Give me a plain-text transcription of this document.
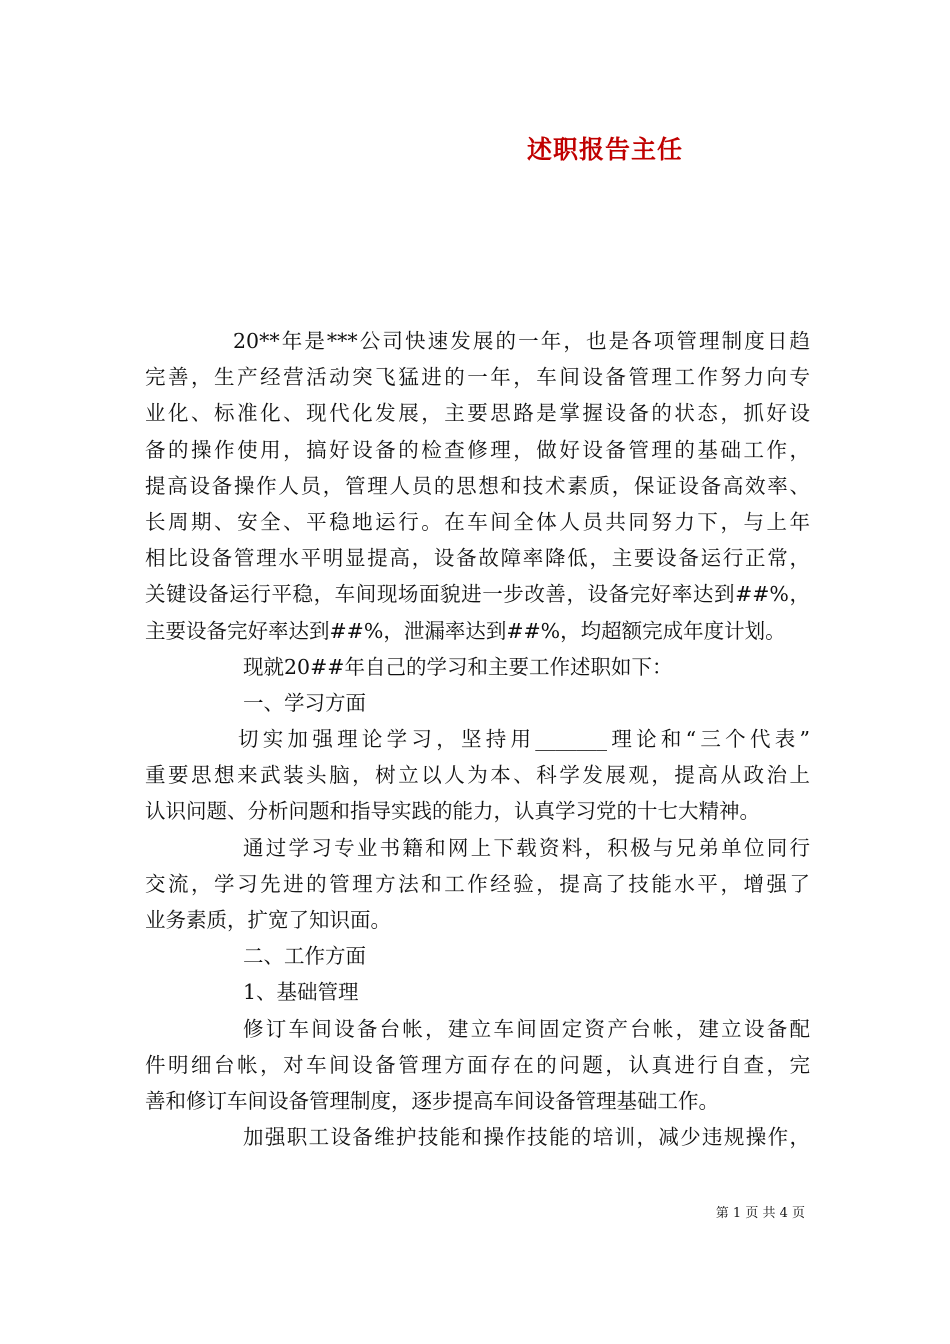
述职报告主任
20**年是***公司快速发展的一年，也是各项管理制度日趋
完善，生产经营活动突飞猛进的一年，车间设备管理工作努力向专
业化、标准化、现代化发展，主要思路是掌握设备的状态，抓好设
备的操作使用，搞好设备的检查修理，做好设备管理的基础工作，
提高设备操作人员，管理人员的思想和技术素质，保证设备高效率、
长周期、安全、平稳地运行。在车间全体人员共同努力下，与上年
相比设备管理水平明显提高，设备故障率降低，主要设备运行正常，
关键设备运行平稳，车间现场面貌进一步改善，设备完好率达到##%，
主要设备完好率达到##%，泄漏率达到##%，均超额完成年度计划。
现就20##年自己的学习和主要工作述职如下：
一、学习方面
切实加强理论学习，坚持用_______理论和“三个代表”
重要思想来武装头脑，树立以人为本、科学发展观，提高从政治上
认识问题、分析问题和指导实践的能力，认真学习党的十七大精神。
通过学习专业书籍和网上下载资料，积极与兄弟单位同行
交流，学习先进的管理方法和工作经验，提高了技能水平，增强了
业务素质，扩宽了知识面。
二、工作方面
1、基础管理
修订车间设备台帐，建立车间固定资产台帐，建立设备配
件明细台帐，对车间设备管理方面存在的问题，认真进行自查，完
善和修订车间设备管理制度，逐步提高车间设备管理基础工作。
加强职工设备维护技能和操作技能的培训，减少违规操作，
第 1 页 共 4 页
